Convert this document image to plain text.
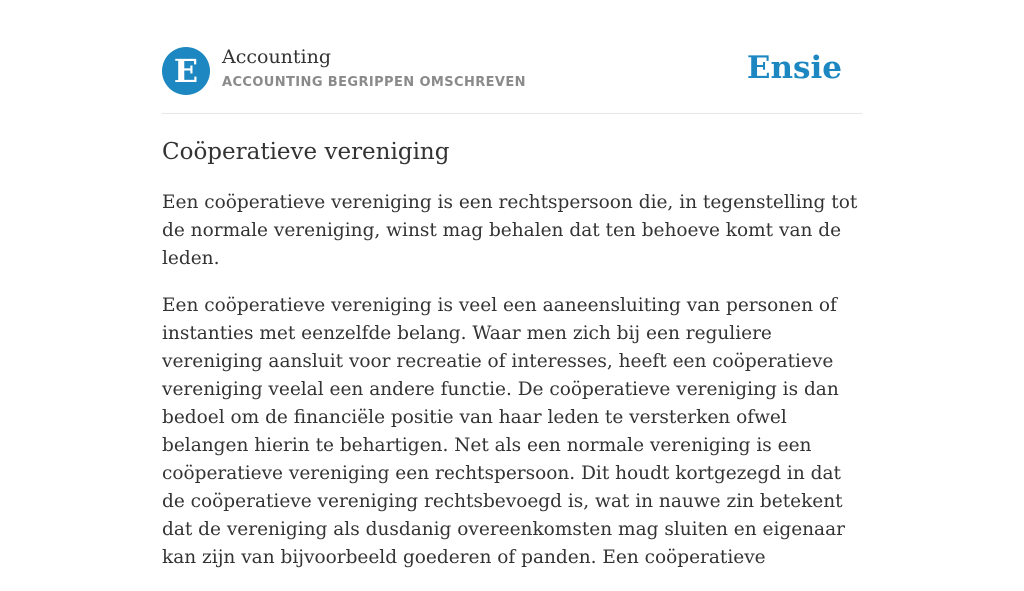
E	Accounting
ACCOUNTING BEGRIPPEN OMSCHREVEN	Ensie
Coöperatieve vereniging

Een coöperatieve vereniging is een rechtspersoon die, in tegenstelling tot de normale vereniging, winst mag behalen dat ten behoeve komt van de leden.

Een coöperatieve vereniging is veel een aaneensluiting van personen of instanties met eenzelfde belang. Waar men zich bij een reguliere vereniging aansluit voor recreatie of interesses, heeft een coöperatieve vereniging veelal een andere functie. De coöperatieve vereniging is dan bedoel om de financiële positie van haar leden te versterken ofwel belangen hierin te behartigen. Net als een normale vereniging is een coöperatieve vereniging een rechtspersoon. Dit houdt kortgezegd in dat de coöperatieve vereniging rechtsbevoegd is, wat in nauwe zin betekent dat de vereniging als dusdanig overeenkomsten mag sluiten en eigenaar kan zijn van bijvoorbeeld goederen of panden. Een coöperatieve
